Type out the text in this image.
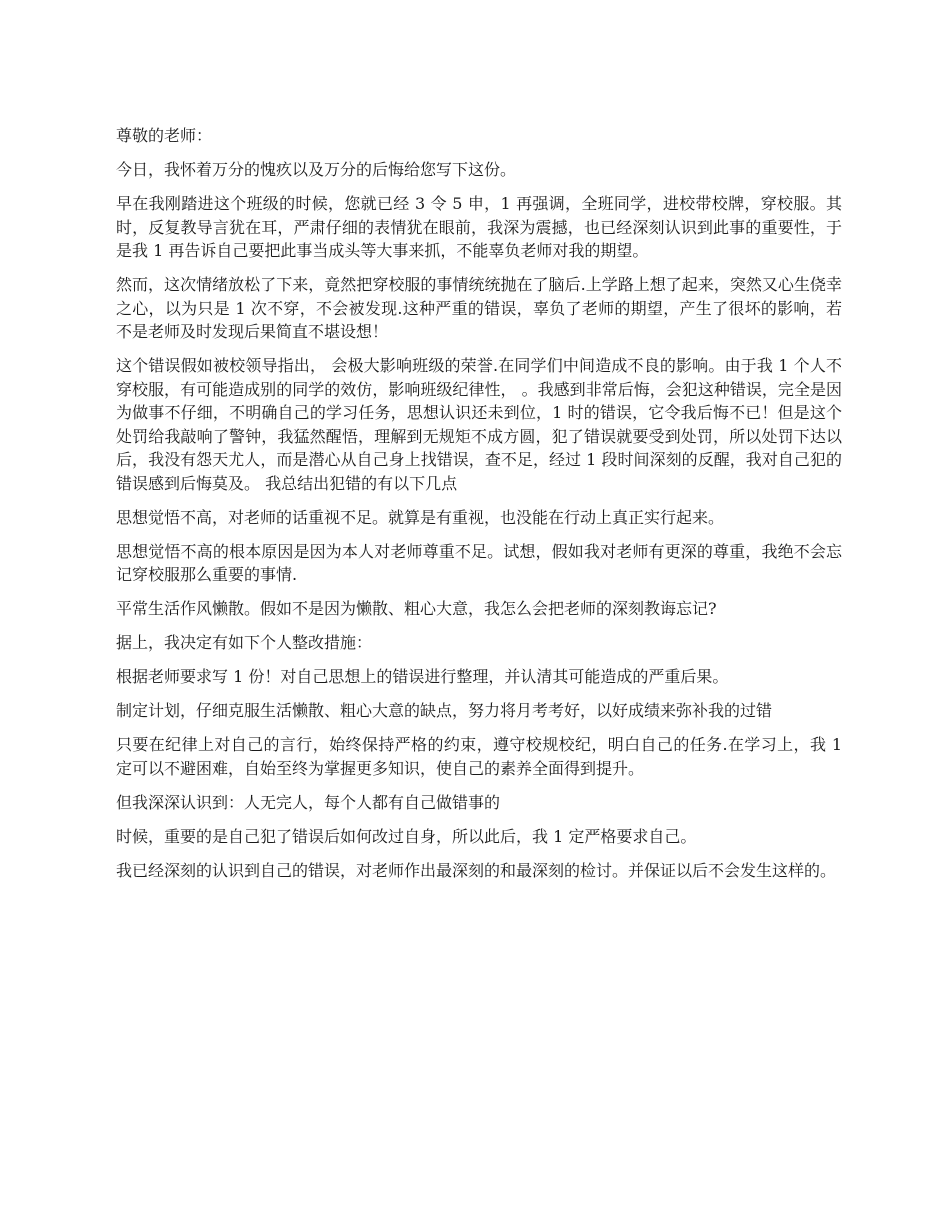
尊敬的老师：

今日，我怀着万分的愧疚以及万分的后悔给您写下这份。

早在我刚踏进这个班级的时候，您就已经 3 令 5 申，1 再强调，全班同学，进校带校牌，穿校服。其时，反复教导言犹在耳，严肃仔细的表情犹在眼前，我深为震撼，也已经深刻认识到此事的重要性，于是我 1 再告诉自己要把此事当成头等大事来抓，不能辜负老师对我的期望。

然而，这次情绪放松了下来，竟然把穿校服的事情统统抛在了脑后.上学路上想了起来，突然又心生侥幸之心，以为只是 1 次不穿，不会被发现.这种严重的错误，辜负了老师的期望，产生了很坏的影响，若不是老师及时发现后果简直不堪设想！

这个错误假如被校领导指出， 会极大影响班级的荣誉.在同学们中间造成不良的影响。由于我 1 个人不穿校服，有可能造成别的同学的效仿，影响班级纪律性， 。我感到非常后悔，会犯这种错误，完全是因为做事不仔细，不明确自己的学习任务，思想认识还未到位，1 时的错误，它令我后悔不已！但是这个处罚给我敲响了警钟，我猛然醒悟，理解到无规矩不成方圆，犯了错误就要受到处罚，所以处罚下达以后，我没有怨天尤人，而是潜心从自己身上找错误，查不足，经过 1 段时间深刻的反醒，我对自己犯的错误感到后悔莫及。 我总结出犯错的有以下几点

思想觉悟不高，对老师的话重视不足。就算是有重视，也没能在行动上真正实行起来。

思想觉悟不高的根本原因是因为本人对老师尊重不足。试想，假如我对老师有更深的尊重，我绝不会忘记穿校服那么重要的事情.

平常生活作风懒散。假如不是因为懒散、粗心大意，我怎么会把老师的深刻教诲忘记?

据上，我决定有如下个人整改措施：

根据老师要求写 1 份！对自己思想上的错误进行整理，并认清其可能造成的严重后果。

制定计划，仔细克服生活懒散、粗心大意的缺点，努力将月考考好，以好成绩来弥补我的过错

只要在纪律上对自己的言行，始终保持严格的约束，遵守校规校纪，明白自己的任务.在学习上，我 1 定可以不避困难，自始至终为掌握更多知识，使自己的素养全面得到提升。

但我深深认识到：人无完人，每个人都有自己做错事的

时候，重要的是自己犯了错误后如何改过自身，所以此后，我 1 定严格要求自己。

我已经深刻的认识到自己的错误，对老师作出最深刻的和最深刻的检讨。并保证以后不会发生这样的。
